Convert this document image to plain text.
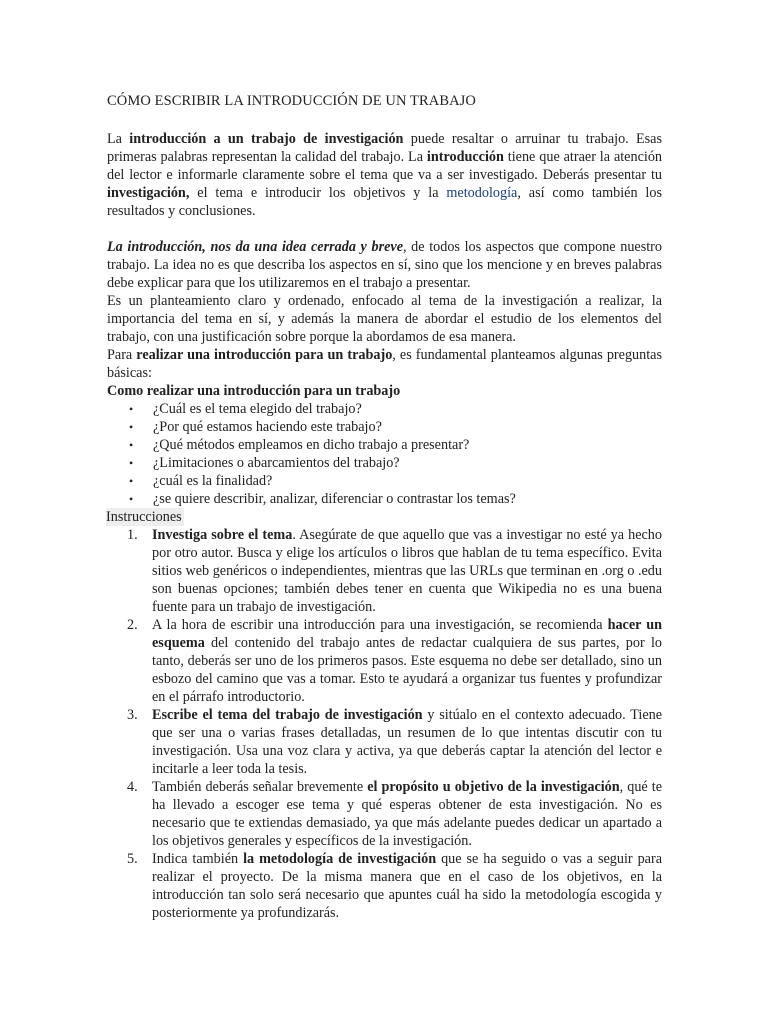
CÓMO ESCRIBIR LA INTRODUCCIÓN DE UN TRABAJO

La introducción a un trabajo de investigación puede resaltar o arruinar tu trabajo. Esas primeras palabras representan la calidad del trabajo. La introducción tiene que atraer la atención del lector e informarle claramente sobre el tema que va a ser investigado. Deberás presentar tu investigación, el tema e introducir los objetivos y la metodología, así como también los resultados y conclusiones.

La introducción, nos da una idea cerrada y breve, de todos los aspectos que compone nuestro trabajo. La idea no es que describa los aspectos en sí, sino que los mencione y en breves palabras debe explicar para que los utilizaremos en el trabajo a presentar.

Es un planteamiento claro y ordenado, enfocado al tema de la investigación a realizar, la importancia del tema en sí, y además la manera de abordar el estudio de los elementos del trabajo, con una justificación sobre porque la abordamos de esa manera.

Para realizar una introducción para un trabajo, es fundamental planteamos algunas preguntas básicas:

Como realizar una introducción para un trabajo

• ¿Cuál es el tema elegido del trabajo?
• ¿Por qué estamos haciendo este trabajo?
• ¿Qué métodos empleamos en dicho trabajo a presentar?
• ¿Limitaciones o abarcamientos del trabajo?
• ¿cuál es la finalidad?
• ¿se quiere describir, analizar, diferenciar o contrastar los temas?

Instrucciones

1. Investiga sobre el tema. Asegúrate de que aquello que vas a investigar no esté ya hecho por otro autor. Busca y elige los artículos o libros que hablan de tu tema específico. Evita sitios web genéricos o independientes, mientras que las URLs que terminan en .org o .edu son buenas opciones; también debes tener en cuenta que Wikipedia no es una buena fuente para un trabajo de investigación.
2. A la hora de escribir una introducción para una investigación, se recomienda hacer un esquema del contenido del trabajo antes de redactar cualquiera de sus partes, por lo tanto, deberás ser uno de los primeros pasos. Este esquema no debe ser detallado, sino un esbozo del camino que vas a tomar. Esto te ayudará a organizar tus fuentes y profundizar en el párrafo introductorio.
3. Escribe el tema del trabajo de investigación y sitúalo en el contexto adecuado. Tiene que ser una o varias frases detalladas, un resumen de lo que intentas discutir con tu investigación. Usa una voz clara y activa, ya que deberás captar la atención del lector e incitarle a leer toda la tesis.
4. También deberás señalar brevemente el propósito u objetivo de la investigación, qué te ha llevado a escoger ese tema y qué esperas obtener de esta investigación. No es necesario que te extiendas demasiado, ya que más adelante puedes dedicar un apartado a los objetivos generales y específicos de la investigación.
5. Indica también la metodología de investigación que se ha seguido o vas a seguir para realizar el proyecto. De la misma manera que en el caso de los objetivos, en la introducción tan solo será necesario que apuntes cuál ha sido la metodología escogida y posteriormente ya profundizarás.
